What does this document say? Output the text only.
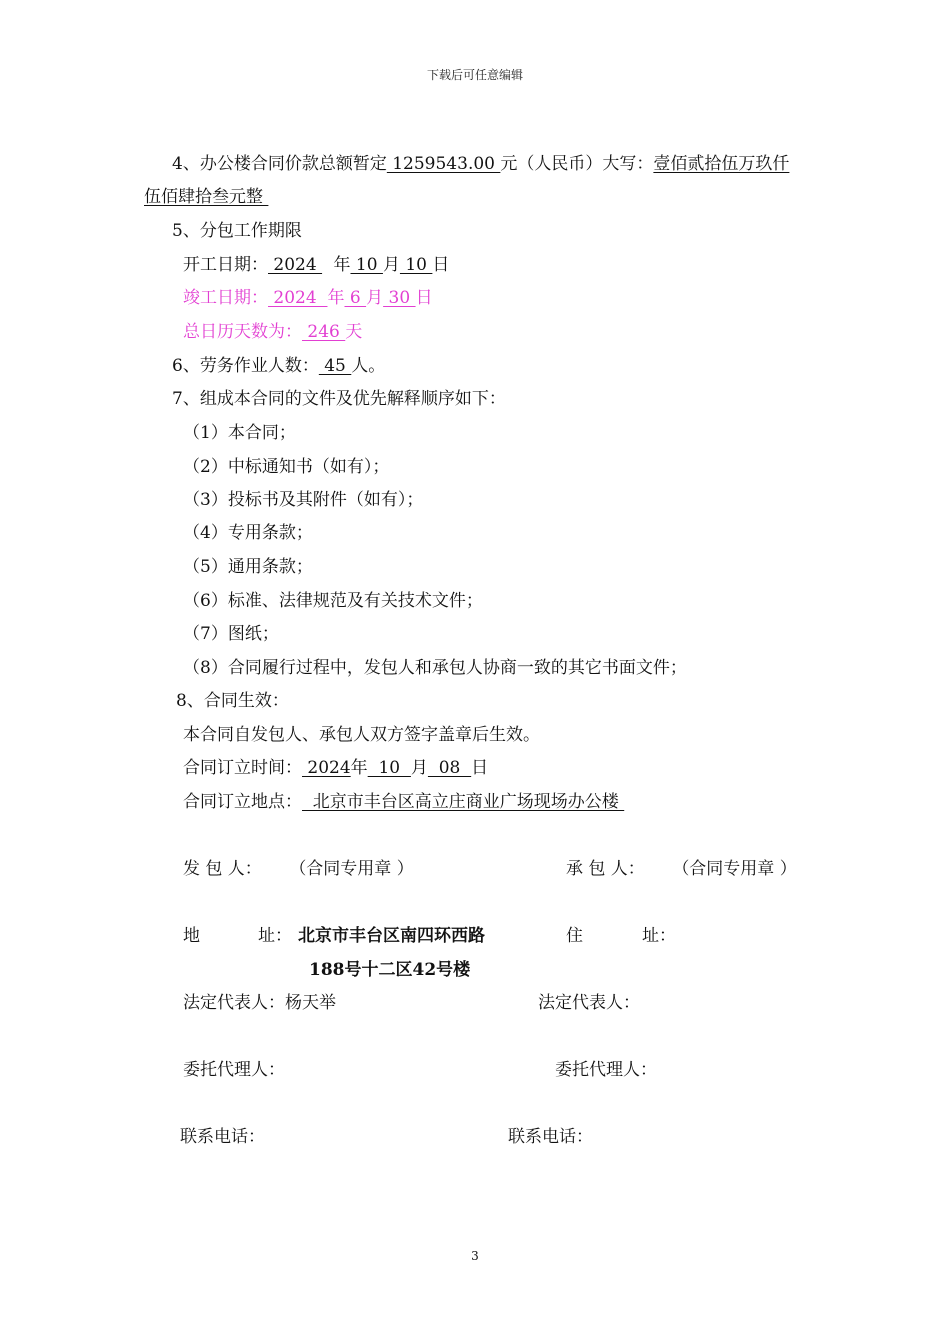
下载后可任意编辑
4、办公楼合同价款总额暂定 1259543.00 元（人民币）大写：壹佰贰拾伍万玖仟
伍佰肆拾叁元整
5、分包工作期限
开工日期： 2024  年 10 月 10 日
竣工日期： 2024  年 6 月 30 日
总日历天数为： 246 天
6、劳务作业人数： 45 人。
7、组成本合同的文件及优先解释顺序如下：
（1）本合同；
（2）中标通知书（如有）；
（3）投标书及其附件（如有）；
（4）专用条款；
（5）通用条款；
（6）标准、法律规范及有关技术文件；
（7）图纸；
（8）合同履行过程中，发包人和承包人协商一致的其它书面文件；
8、合同生效：
本合同自发包人、承包人双方签字盖章后生效。
合同订立时间： 2024年  10  月  08  日
合同订立地点：  北京市丰台区高立庄商业广场现场办公楼
发 包 人： （合同专用章 ）	承 包 人： （合同专用章 ）
地	址： 北京市丰台区南四环西路
188号十二区42号楼
住	址：
法定代表人：杨天举	法定代表人：
委托代理人：	委托代理人：
联系电话：	联系电话：
3
